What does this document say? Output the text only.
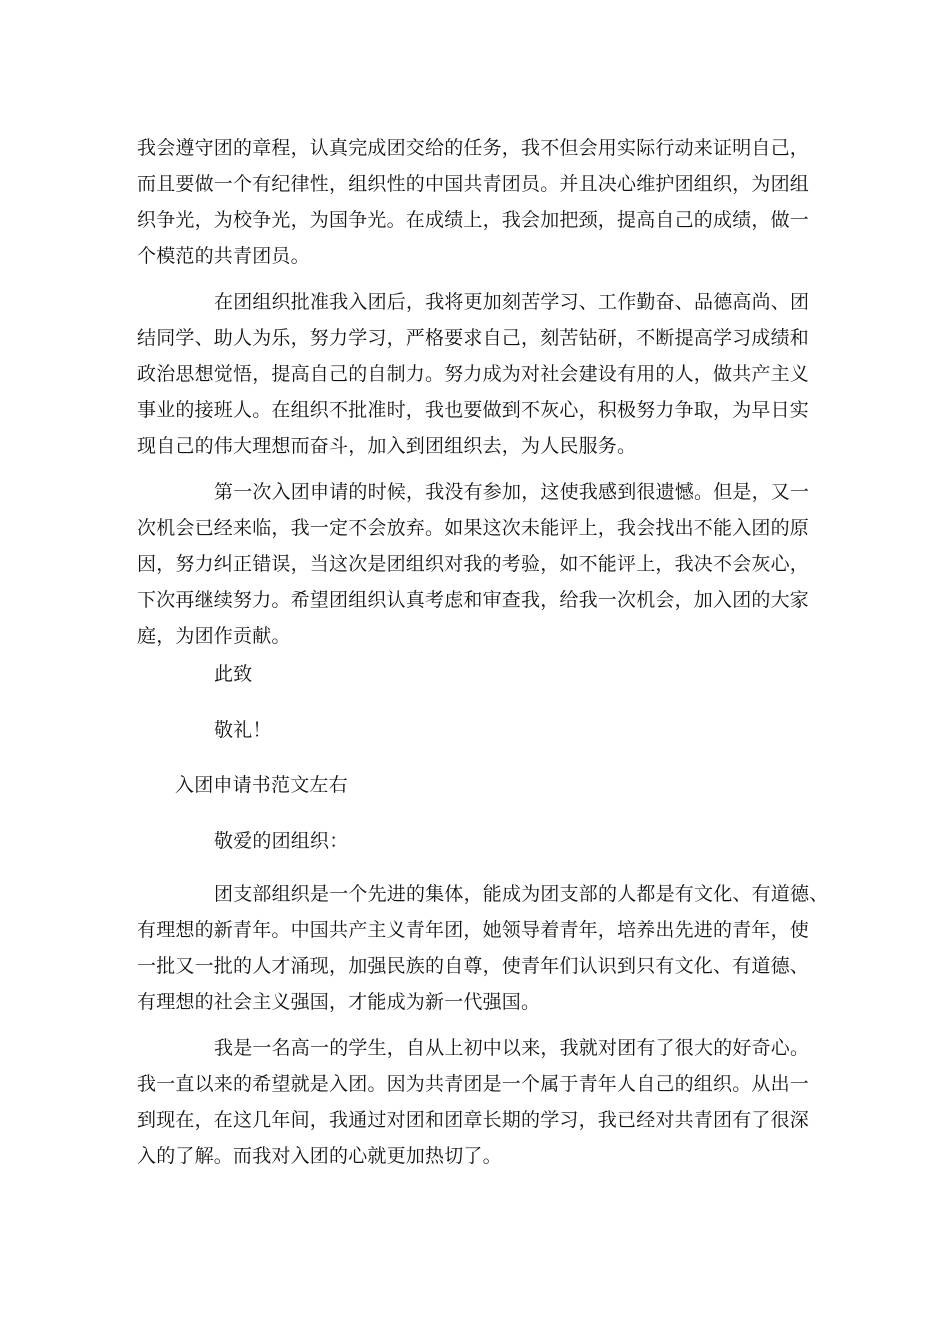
我会遵守团的章程，认真完成团交给的任务，我不但会用实际行动来证明自己，

而且要做一个有纪律性，组织性的中国共青团员。并且决心维护团组织，为团组

织争光，为校争光，为国争光。在成绩上，我会加把颈，提高自己的成绩，做一

个模范的共青团员。

在团组织批准我入团后，我将更加刻苦学习、工作勤奋、品德高尚、团

结同学、助人为乐，努力学习，严格要求自己，刻苦钻研，不断提高学习成绩和

政治思想觉悟，提高自己的自制力。努力成为对社会建设有用的人，做共产主义

事业的接班人。在组织不批准时，我也要做到不灰心，积极努力争取，为早日实

现自己的伟大理想而奋斗，加入到团组织去，为人民服务。

第一次入团申请的时候，我没有参加，这使我感到很遗憾。但是，又一

次机会已经来临，我一定不会放弃。如果这次未能评上，我会找出不能入团的原

因，努力纠正错误，当这次是团组织对我的考验，如不能评上，我决不会灰心，

下次再继续努力。希望团组织认真考虑和审查我，给我一次机会，加入团的大家

庭，为团作贡献。

此致
敬礼！
入团申请书范文左右
敬爱的团组织：

团支部组织是一个先进的集体，能成为团支部的人都是有文化、有道德、

有理想的新青年。中国共产主义青年团，她领导着青年，培养出先进的青年，使

一批又一批的人才涌现，加强民族的自尊，使青年们认识到只有文化、有道德、

有理想的社会主义强国，才能成为新一代强国。

我是一名高一的学生，自从上初中以来，我就对团有了很大的好奇心。

我一直以来的希望就是入团。因为共青团是一个属于青年人自己的组织。从出一

到现在，在这几年间，我通过对团和团章长期的学习，我已经对共青团有了很深

入的了解。而我对入团的心就更加热切了。
